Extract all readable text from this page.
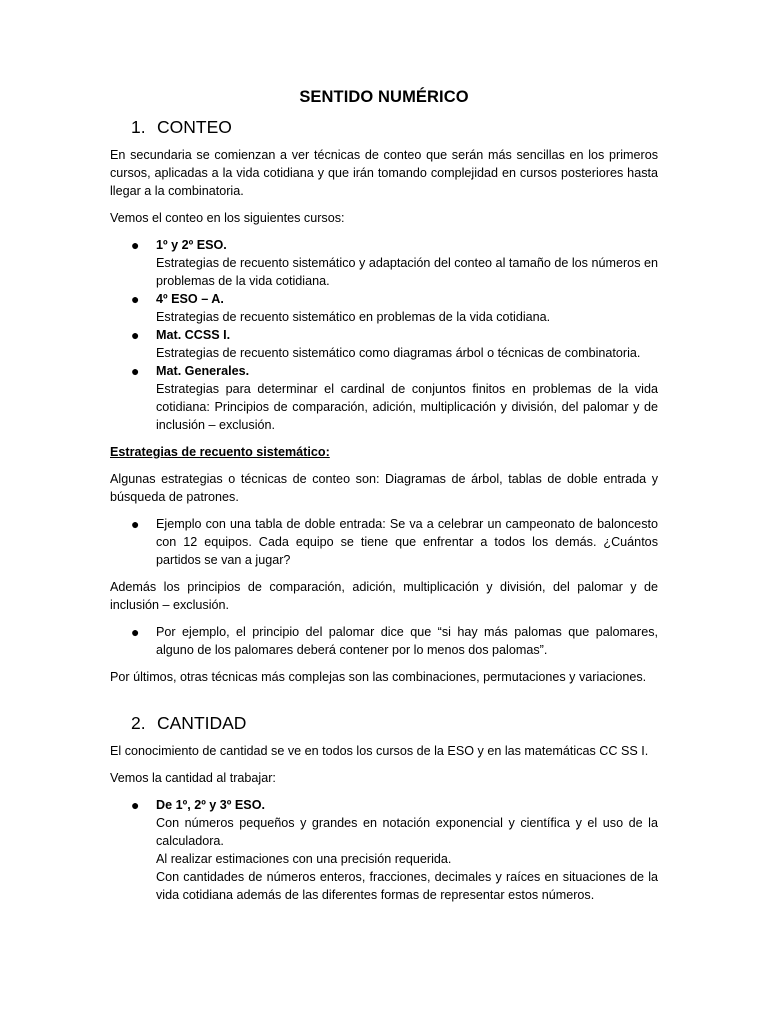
SENTIDO NUMÉRICO
1. CONTEO

En secundaria se comienzan a ver técnicas de conteo que serán más sencillas en los primeros cursos, aplicadas a la vida cotidiana y que irán tomando complejidad en cursos posteriores hasta llegar a la combinatoria.

Vemos el conteo en los siguientes cursos:

● 1º y 2º ESO.
Estrategias de recuento sistemático y adaptación del conteo al tamaño de los números en problemas de la vida cotidiana.
● 4º ESO – A.
Estrategias de recuento sistemático en problemas de la vida cotidiana.
● Mat. CCSS I.
Estrategias de recuento sistemático como diagramas árbol o técnicas de combinatoria.
● Mat. Generales.
Estrategias para determinar el cardinal de conjuntos finitos en problemas de la vida cotidiana: Principios de comparación, adición, multiplicación y división, del palomar y de inclusión – exclusión.
Estrategias de recuento sistemático:

Algunas estrategias o técnicas de conteo son: Diagramas de árbol, tablas de doble entrada y búsqueda de patrones.

● Ejemplo con una tabla de doble entrada: Se va a celebrar un campeonato de baloncesto con 12 equipos. Cada equipo se tiene que enfrentar a todos los demás. ¿Cuántos partidos se van a jugar?

Además los principios de comparación, adición, multiplicación y división, del palomar y de inclusión – exclusión.

● Por ejemplo, el principio del palomar dice que “si hay más palomas que palomares, alguno de los palomares deberá contener por lo menos dos palomas”.

Por últimos, otras técnicas más complejas son las combinaciones, permutaciones y variaciones.

2. CANTIDAD

El conocimiento de cantidad se ve en todos los cursos de la ESO y en las matemáticas CC SS I.

Vemos la cantidad al trabajar:

● De 1º, 2º y 3º ESO.
Con números pequeños y grandes en notación exponencial y científica y el uso de la calculadora.
Al realizar estimaciones con una precisión requerida.
Con cantidades de números enteros, fracciones, decimales y raíces en situaciones de la vida cotidiana además de las diferentes formas de representar estos números.
